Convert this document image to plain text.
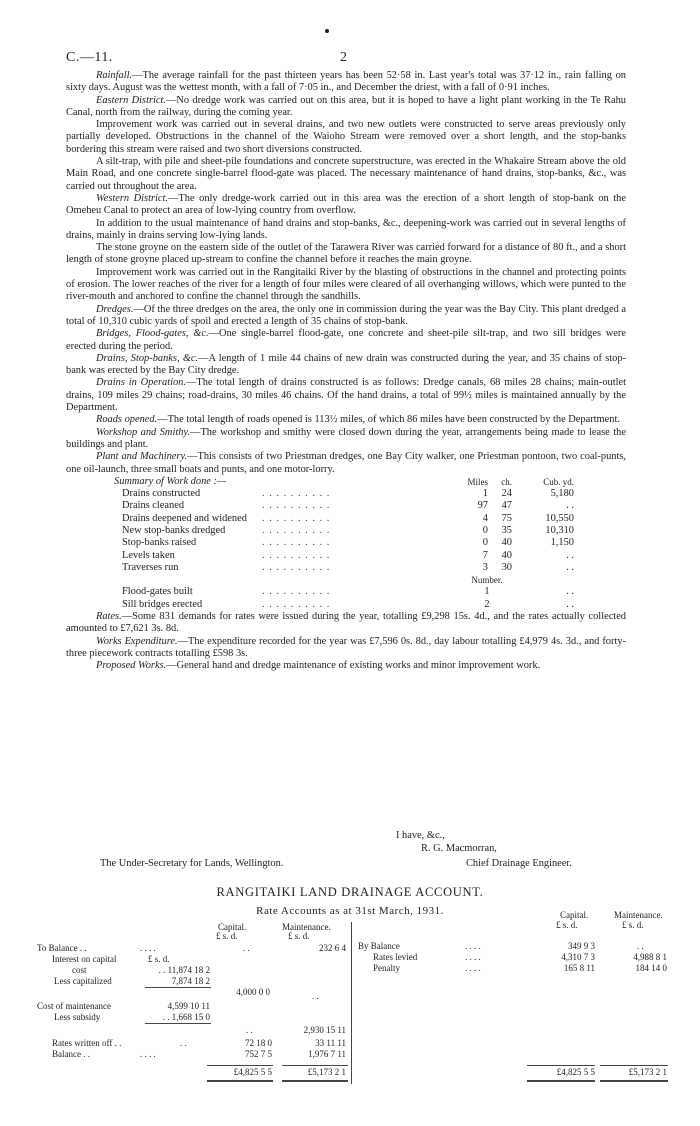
C.—11.	2

Rainfall.—The average rainfall for the past thirteen years has been 52·58 in. Last year's total was 37·12 in., rain falling on sixty days. August was the wettest month, with a fall of 7·05 in., and December the driest, with a fall of 0·91 inches.

Eastern District.—No dredge work was carried out on this area, but it is hoped to have a light plant working in the Te Rahu Canal, north from the railway, during the coming year.

Improvement work was carried out in several drains, and two new outlets were constructed to serve areas previously only partially developed. Obstructions in the channel of the Waioho Stream were removed over a short length, and the stop-banks bordering this stream were raised and two short diversions constructed.

A silt-trap, with pile and sheet-pile foundations and concrete superstructure, was erected in the Whakaire Stream above the old Main Road, and one concrete single-barrel flood-gate was placed. The necessary maintenance of hand drains, stop-banks, &c., was carried out throughout the area.

Western District.—The only dredge-work carried out in this area was the erection of a short length of stop-bank on the Omeheu Canal to protect an area of low-lying country from overflow.

In addition to the usual maintenance of hand drains and stop-banks, &c., deepening-work was carried out in several lengths of drains, mainly in drains serving low-lying lands.

The stone groyne on the eastern side of the outlet of the Tarawera River was carried forward for a distance of 80 ft., and a short length of stone groyne placed up-stream to confine the channel before it reaches the main groyne.

Improvement work was carried out in the Rangitaiki River by the blasting of obstructions in the channel and protecting points of erosion. The lower reaches of the river for a length of four miles were cleared of all overhanging willows, which were punted to the river-mouth and anchored to confine the channel through the sandhills.

Dredges.—Of the three dredges on the area, the only one in commission during the year was the Bay City. This plant dredged a total of 10,310 cubic yards of spoil and erected a length of 35 chains of stop-bank.

Bridges, Flood-gates, &c.—One single-barrel flood-gate, one concrete and sheet-pile silt-trap, and two sill bridges were erected during the period.

Drains, Stop-banks, &c.—A length of 1 mile 44 chains of new drain was constructed during the year, and 35 chains of stop-bank was erected by the Bay City dredge.

Drains in Operation.—The total length of drains constructed is as follows: Dredge canals, 68 miles 28 chains; main-outlet drains, 109 miles 29 chains; road-drains, 30 miles 46 chains. Of the hand drains, a total of 99½ miles is maintained annually by the Department.

Roads opened.—The total length of roads opened is 113½ miles, of which 86 miles have been constructed by the Department.

Workshop and Smithy.—The workshop and smithy were closed down during the year, arrangements being made to lease the buildings and plant.

Plant and Machinery.—This consists of two Priestman dredges, one Bay City walker, one Priestman pontoon, two coal-punts, one oil-launch, three small boats and punts, and one motor-lorry.

Summary of Work done :—	Miles	ch.	Cub. yd.
Drains constructed	. . . . . . . . . .	1	24	5,180
Drains cleaned	. . . . . . . . . .	97	47	. .
Drains deepened and widened	. . . . . . . . . .	4	75	10,550
New stop-banks dredged	. . . . . . . . . .	0	35	10,310
Stop-banks raised	. . . . . . . . . .	0	40	1,150
Levels taken	. . . . . . . . . .	7	40	. .
Traverses run	. . . . . . . . . .	3	30	. .
		Number.	
Flood-gates built	. . . . . . . . . .	1	. .
Sill bridges erected	. . . . . . . . . .	2	. .

Rates.—Some 831 demands for rates were issued during the year, totalling £9,298 15s. 4d., and the rates actually collected amounted to £7,621 3s. 8d.

Works Expenditure.—The expenditure recorded for the year was £7,596 0s. 8d., day labour totalling £4,979 4s. 3d., and forty-three piecework contracts totalling £598 3s.

Proposed Works.—General hand and dredge maintenance of existing works and minor improvement work.

I have, &c.,
R. G. Macmorran,
The Under-Secretary for Lands, Wellington.	Chief Drainage Engineer.
RANGITAIKI LAND DRAINAGE ACCOUNT.
Rate Accounts as at 31st March, 1931.
Capital.	Maintenance.
£ s. d.	£ s. d.
To Balance . .	. . . .	. .	232 6 4
Interest on capital	£ s. d.
cost	. . 11,874 18 2
Less capitalized	7,874 18 2
4,000 0 0	. .
Cost of maintenance	4,599 10 11
Less subsidy	. . 1,668 15 0
. .	2,930 15 11
Rates written off . .	. .	72 18 0	33 11 11
Balance . .	. . . .	752 7 5	1,976 7 11
£4,825 5 5	£5,173 2 1
Capital.	Maintenance.
£ s. d.	£ s. d.
By Balance	. . . .	349 9 3	. .
Rates levied	. . . .	4,310 7 3	4,988 8 1
Penalty	. . . .	165 8 11	184 14 0
£4,825 5 5	£5,173 2 1
